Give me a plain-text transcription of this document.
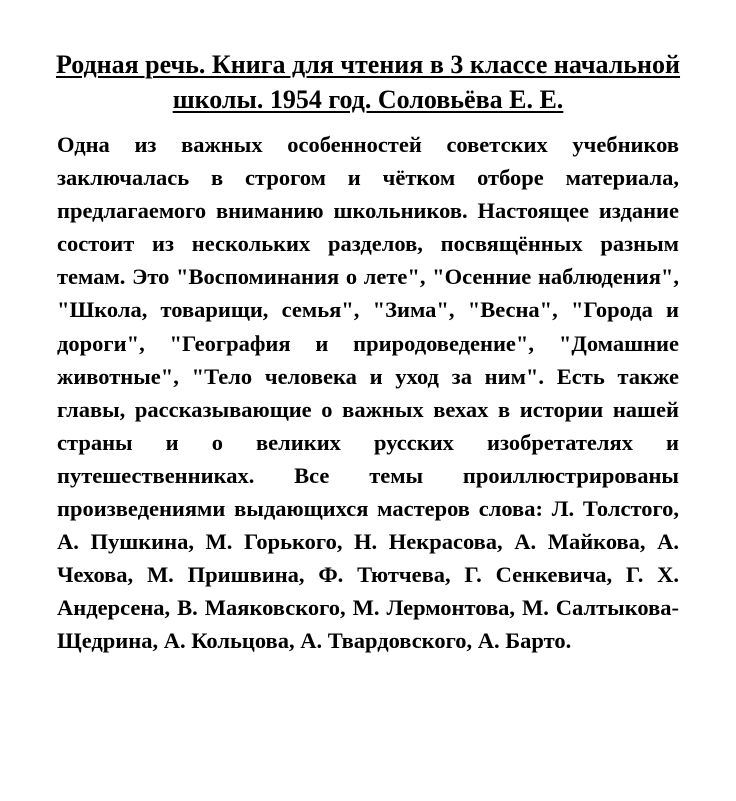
Родная речь. Книга для чтения в 3 классе начальной школы. 1954 год. Соловьёва Е. Е.

Одна из важных особенностей советских учебников заключалась в строгом и чётком отборе материала, предлагаемого вниманию школьников. Настоящее издание состоит из нескольких разделов, посвящённых разным темам. Это "Воспоминания о лете", "Осенние наблюдения", "Школа, товарищи, семья", "Зима", "Весна", "Города и дороги", "География и природоведение", "Домашние животные", "Тело человека и уход за ним". Есть также главы, рассказывающие о важных вехах в истории нашей страны и о великих русских изобретателях и путешественниках. Все темы проиллюстрированы произведениями выдающихся мастеров слова: Л. Толстого, А. Пушкина, М. Горького, Н. Некрасова, А. Майкова, А. Чехова, М. Пришвина, Ф. Тютчева, Г. Сенкевича, Г. Х. Андерсена, В. Маяковского, М. Лермонтова, М. Салтыкова-Щедрина, А. Кольцова, А. Твардовского, А. Барто.
